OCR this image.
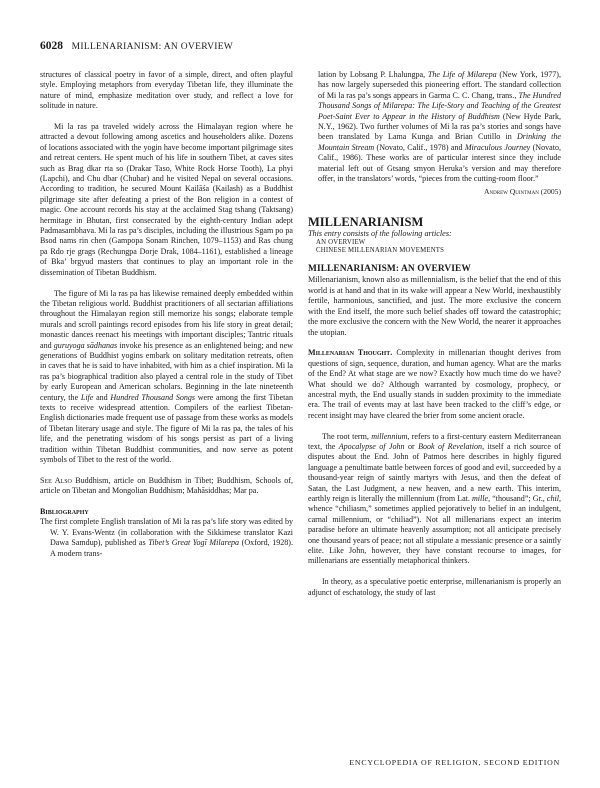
6028 MILLENARIANISM: AN OVERVIEW

structures of classical poetry in favor of a simple, direct, and often playful style. Employing metaphors from everyday Tibetan life, they illuminate the nature of mind, emphasize meditation over study, and reflect a love for solitude in nature.

Mi la ras pa traveled widely across the Himalayan region where he attracted a devout following among ascetics and householders alike. Dozens of locations associated with the yogin have become important pilgrimage sites and retreat centers. He spent much of his life in southern Tibet, at caves sites such as Brag dkar rta so (Drakar Taso, White Rock Horse Tooth), La phyi (Lapchi), and Chu dbar (Chubar) and he visited Nepal on several occasions. According to tradition, he secured Mount Kailāśa (Kailash) as a Buddhist pilgrimage site after defeating a priest of the Bon religion in a contest of magic. One account records his stay at the acclaimed Stag tshang (Taktsang) hermitage in Bhutan, first consecrated by the eighth-century Indian adept Padmasambhava. Mi la ras pa’s disciples, including the illustrious Sgam po pa Bsod nams rin chen (Gampopa Sonam Rinchen, 1079–1153) and Ras chung pa Rdo rje grags (Rechungpa Dorje Drak, 1084–1161), established a lineage of Bka’ brgyud masters that continues to play an important role in the dissemination of Tibetan Buddhism.

The figure of Mi la ras pa has likewise remained deeply embedded within the Tibetan religious world. Buddhist practitioners of all sectarian affiliations throughout the Himalayan region still memorize his songs; elaborate temple murals and scroll paintings record episodes from his life story in great detail; monastic dances reenact his meetings with important disciples; Tantric rituals and guruyoga sādhanas invoke his presence as an enlightened being; and new generations of Buddhist yogins embark on solitary meditation retreats, often in caves that he is said to have inhabited, with him as a chief inspiration. Mi la ras pa’s biographical tradition also played a central role in the study of Tibet by early European and American scholars. Beginning in the late nineteenth century, the Life and Hundred Thousand Songs were among the first Tibetan texts to receive widespread attention. Compilers of the earliest Tibetan-English dictionaries made frequent use of passage from these works as models of Tibetan literary usage and style. The figure of Mi la ras pa, the tales of his life, and the penetrating wisdom of his songs persist as part of a living tradition within Tibetan Buddhist communities, and now serve as potent symbols of Tibet to the rest of the world.

See Also Buddhism, article on Buddhism in Tibet; Buddhism, Schools of, article on Tibetan and Mongolian Buddhism; Mahāsiddhas; Mar pa.

Bibliography

The first complete English translation of Mi la ras pa’s life story was edited by W. Y. Evans-Wentz (in collaboration with the Sikkimese translator Kazi Dawa Samdup), published as Tibet’s Great Yogī Milarepa (Oxford, 1928). A modern trans-

lation by Lobsang P. Lhalungpa, The Life of Milarepa (New York, 1977), has now largely superseded this pioneering effort. The standard collection of Mi la ras pa’s songs appears in Garma C. C. Chang, trans., The Hundred Thousand Songs of Milarepa: The Life-Story and Teaching of the Greatest Poet-Saint Ever to Appear in the History of Buddhism (New Hyde Park, N.Y., 1962). Two further volumes of Mi la ras pa’s stories and songs have been translated by Lama Kunga and Brian Cutillo in Drinking the Mountain Stream (Novato, Calif., 1978) and Miraculous Journey (Novato, Calif., 1986). These works are of particular interest since they include material left out of Gtsang smyon Heruka’s version and may therefore offer, in the translators’ words, “pieces from the cutting-room floor.”

Andrew Quintman (2005)

MILLENARIANISM

This entry consists of the following articles:

AN OVERVIEW

CHINESE MILLENARIAN MOVEMENTS

MILLENARIANISM: AN OVERVIEW

Millenarianism, known also as millennialism, is the belief that the end of this world is at hand and that in its wake will appear a New World, inexhaustibly fertile, harmonious, sanctified, and just. The more exclusive the concern with the End itself, the more such belief shades off toward the catastrophic; the more exclusive the concern with the New World, the nearer it approaches the utopian.

Millenarian Thought. Complexity in millenarian thought derives from questions of sign, sequence, duration, and human agency. What are the marks of the End? At what stage are we now? Exactly how much time do we have? What should we do? Although warranted by cosmology, prophecy, or ancestral myth, the End usually stands in sudden proximity to the immediate era. The trail of events may at last have been tracked to the cliff’s edge, or recent insight may have cleared the brier from some ancient oracle.

The root term, millennium, refers to a first-century eastern Mediterranean text, the Apocalypse of John or Book of Revelation, itself a rich source of disputes about the End. John of Patmos here describes in highly figured language a penultimate battle between forces of good and evil, succeeded by a thousand-year reign of saintly martyrs with Jesus, and then the defeat of Satan, the Last Judgment, a new heaven, and a new earth. This interim, earthly reign is literally the millennium (from Lat. mille, “thousand”; Gr., chil, whence “chiliasm,” sometimes applied pejoratively to belief in an indulgent, carnal millennium, or “chiliad”). Not all millenarians expect an interim paradise before an ultimate heavenly assumption; not all anticipate precisely one thousand years of peace; not all stipulate a messianic presence or a saintly elite. Like John, however, they have constant recourse to images, for millenarians are essentially metaphorical thinkers.

In theory, as a speculative poetic enterprise, millenarianism is properly an adjunct of eschatology, the study of last

ENCYCLOPEDIA OF RELIGION, SECOND EDITION
